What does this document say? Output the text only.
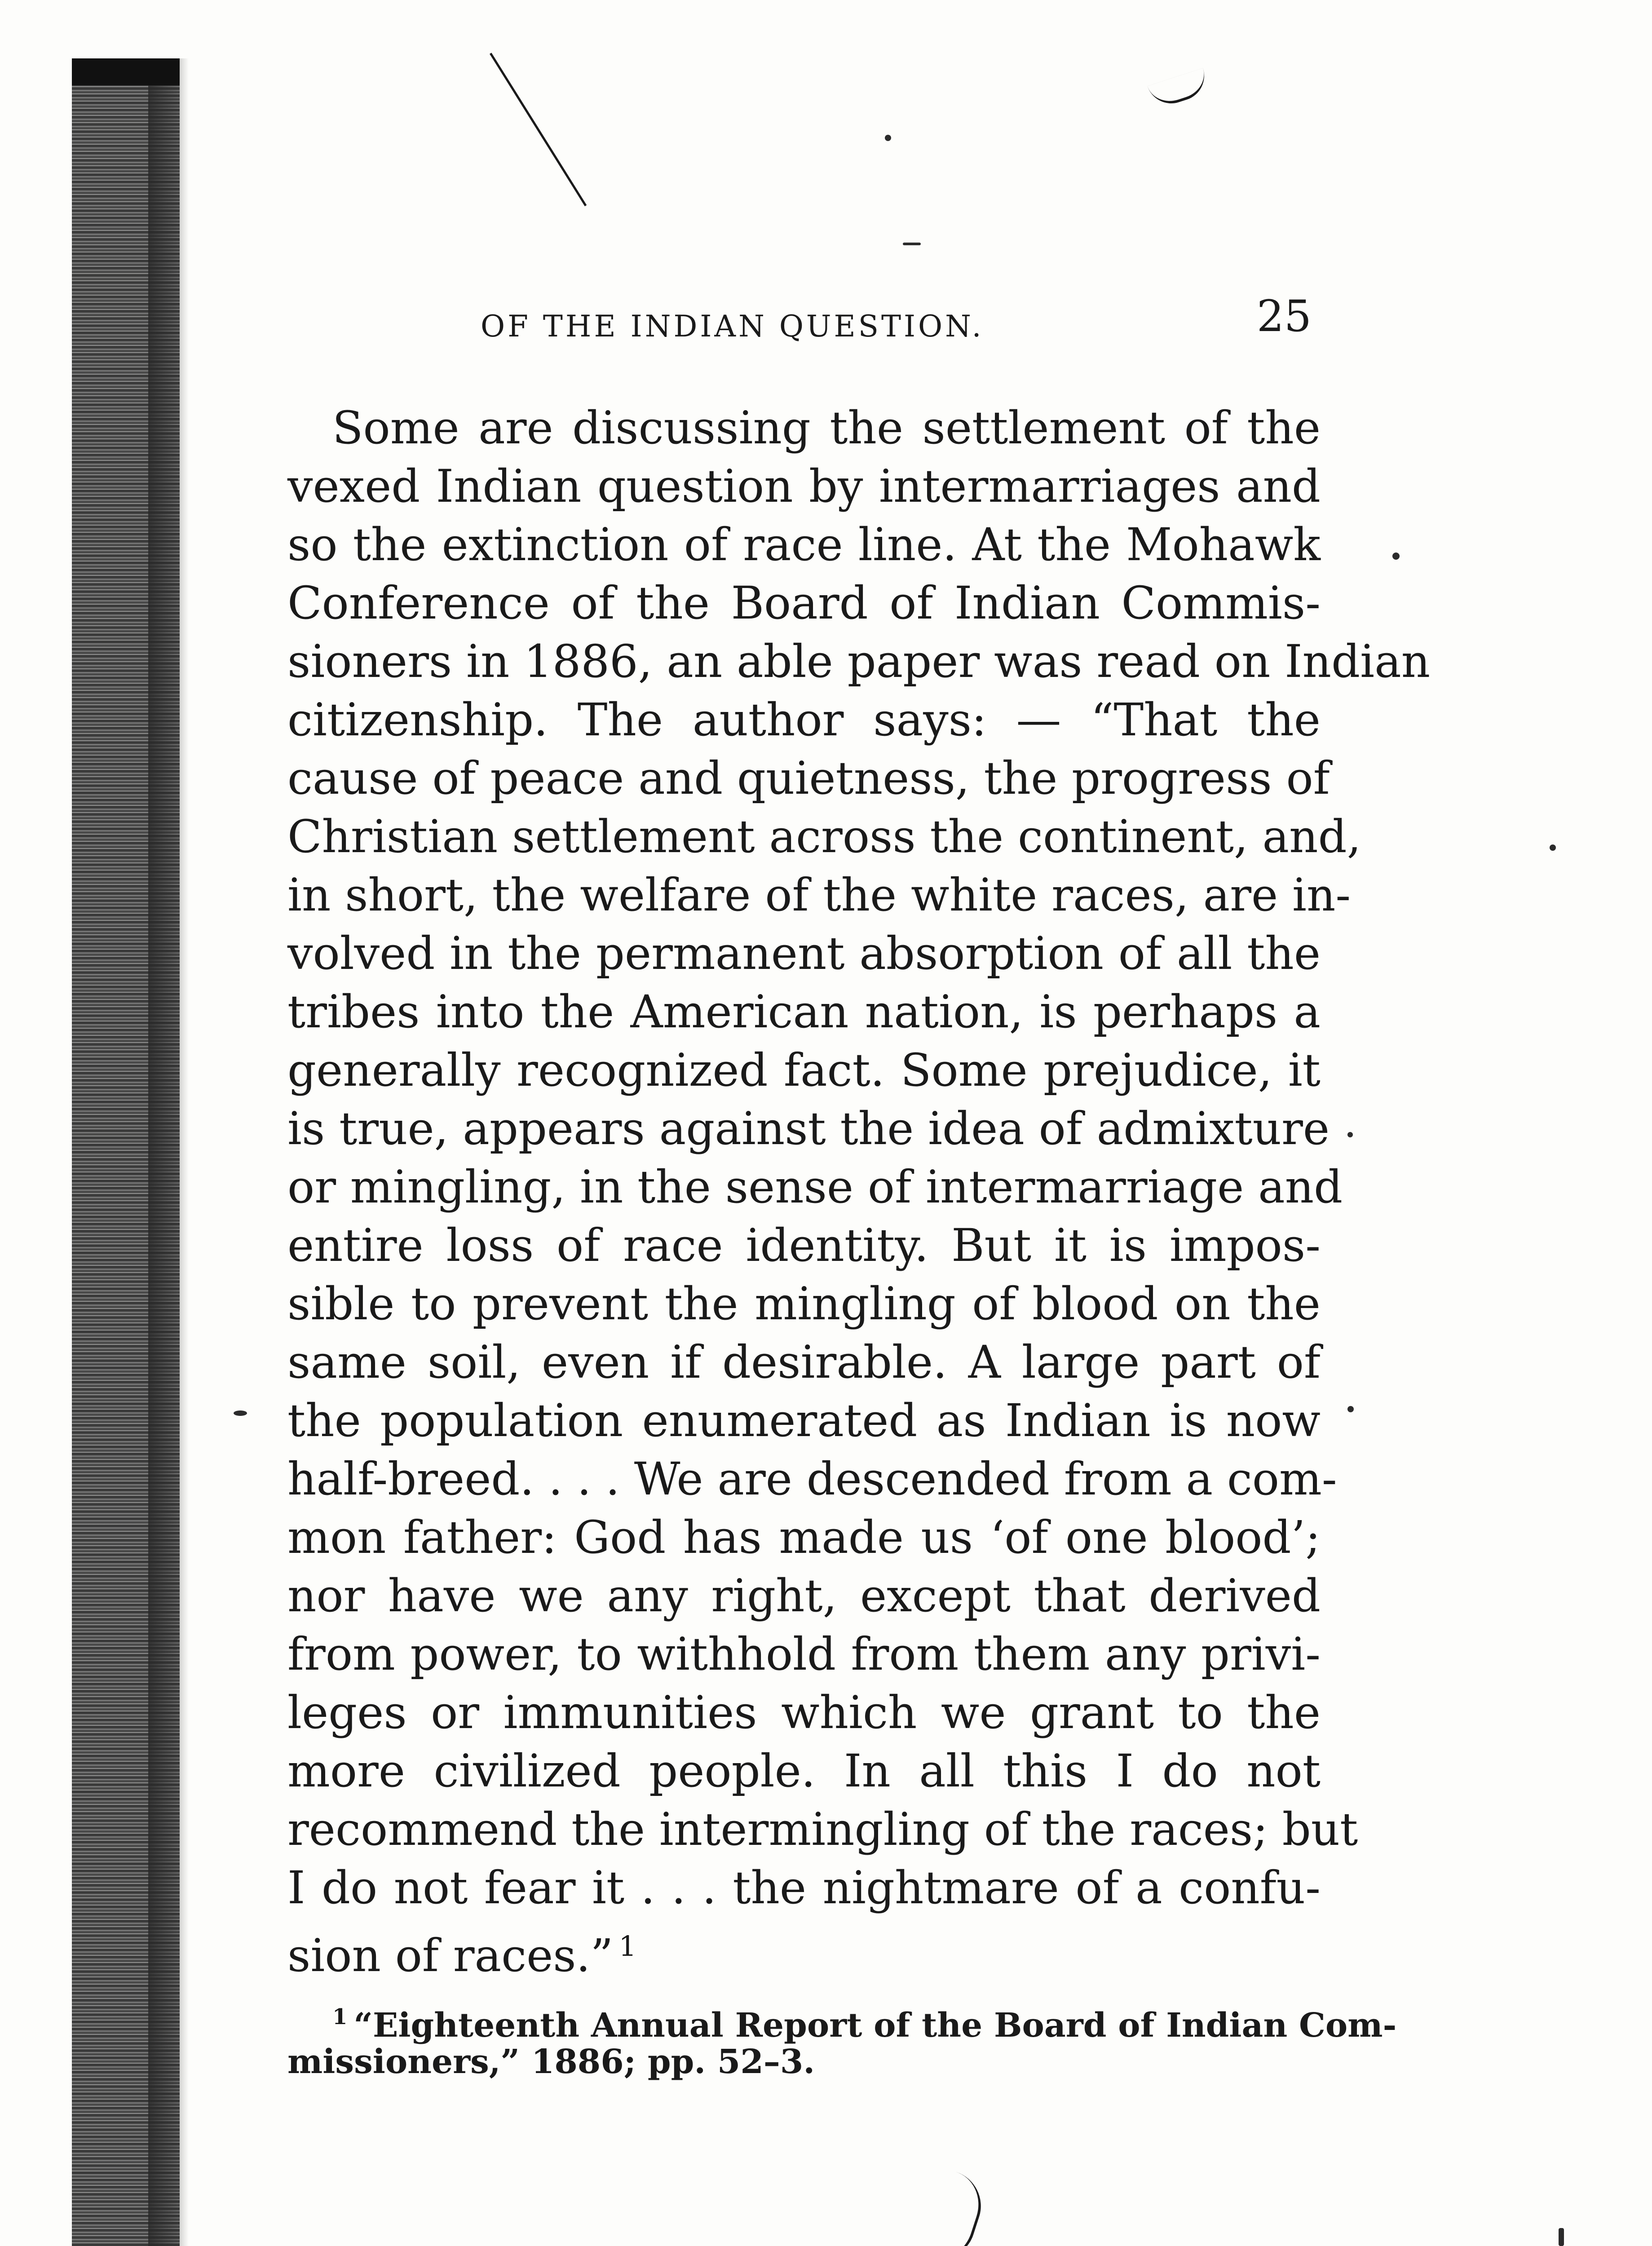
OF THE INDIAN QUESTION.	25
Some are discussing the settlement of the
vexed Indian question by intermarriages and
so the extinction of race line. At the Mohawk
Conference of the Board of Indian Commis-
sioners in 1886, an able paper was read on Indian
citizenship. The author says: — “That the
cause of peace and quietness, the progress of
Christian settlement across the continent, and,
in short, the welfare of the white races, are in-
volved in the permanent absorption of all the
tribes into the American nation, is perhaps a
generally recognized fact. Some prejudice, it
is true, appears against the idea of admixture
or mingling, in the sense of intermarriage and
entire loss of race identity. But it is impos-
sible to prevent the mingling of blood on the
same soil, even if desirable. A large part of
the population enumerated as Indian is now
half-breed. . . . We are descended from a com-
mon father: God has made us ‘of one blood’;
nor have we any right, except that derived
from power, to withhold from them any privi-
leges or immunities which we grant to the
more civilized people. In all this I do not
recommend the intermingling of the races; but
I do not fear it . . . the nightmare of a confu-
sion of races.” $^1$
$^1$ “Eighteenth Annual Report of the Board of Indian Com-
missioners,” 1886; pp. 52–3.
